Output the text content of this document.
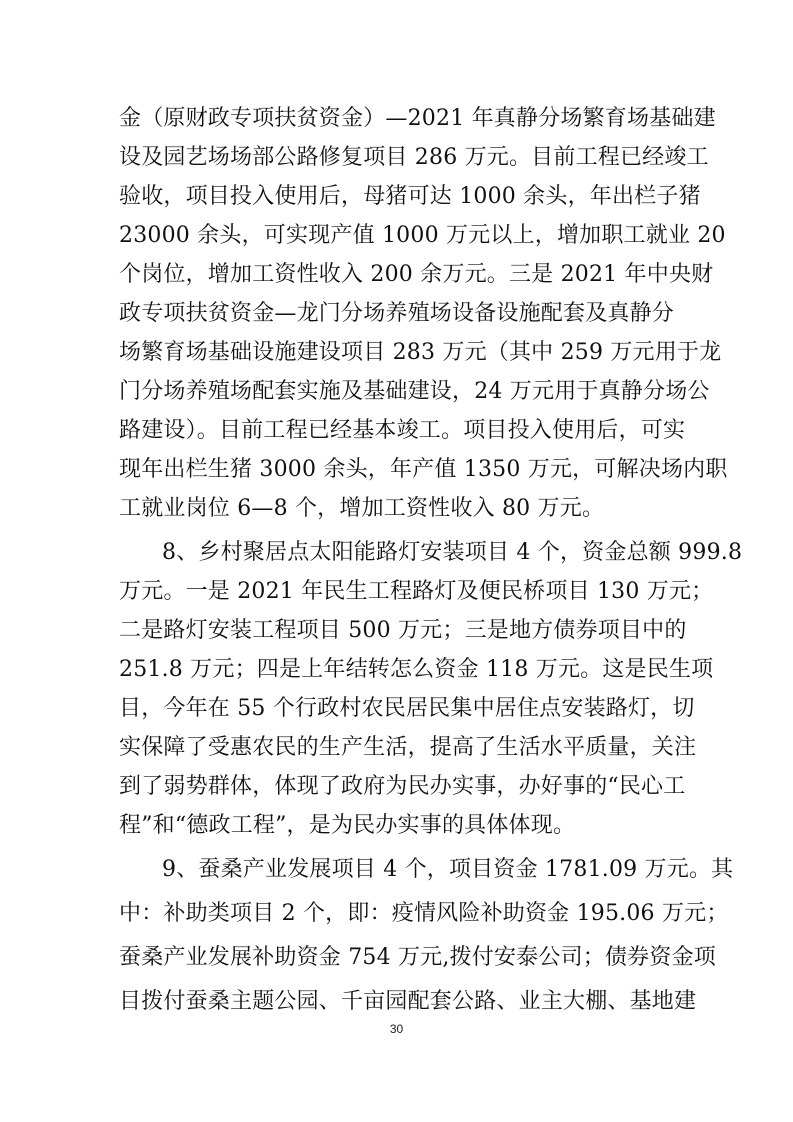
金（原财政专项扶贫资金）—2021 年真静分场繁育场基础建
设及园艺场场部公路修复项目 286 万元。目前工程已经竣工
验收，项目投入使用后，母猪可达 1000 余头，年出栏子猪
23000 余头，可实现产值 1000 万元以上，增加职工就业 20
个岗位，增加工资性收入 200 余万元。三是 2021 年中央财
政专项扶贫资金—龙门分场养殖场设备设施配套及真静分
场繁育场基础设施建设项目 283 万元（其中 259 万元用于龙
门分场养殖场配套实施及基础建设，24 万元用于真静分场公
路建设）。目前工程已经基本竣工。项目投入使用后，可实
现年出栏生猪 3000 余头，年产值 1350 万元，可解决场内职
工就业岗位 6—8 个，增加工资性收入 80 万元。
8、乡村聚居点太阳能路灯安装项目 4 个，资金总额 999.8
万元。一是 2021 年民生工程路灯及便民桥项目 130 万元；
二是路灯安装工程项目 500 万元；三是地方债券项目中的
251.8 万元；四是上年结转怎么资金 118 万元。这是民生项
目，今年在 55 个行政村农民居民集中居住点安装路灯，切
实保障了受惠农民的生产生活，提高了生活水平质量，关注
到了弱势群体，体现了政府为民办实事，办好事的“民心工
程”和“德政工程”，是为民办实事的具体体现。
9、蚕桑产业发展项目 4 个，项目资金 1781.09 万元。其
中：补助类项目 2 个，即：疫情风险补助资金 195.06 万元；
蚕桑产业发展补助资金 754 万元,拨付安泰公司；债券资金项
目拨付蚕桑主题公园、千亩园配套公路、业主大棚、基地建
30
